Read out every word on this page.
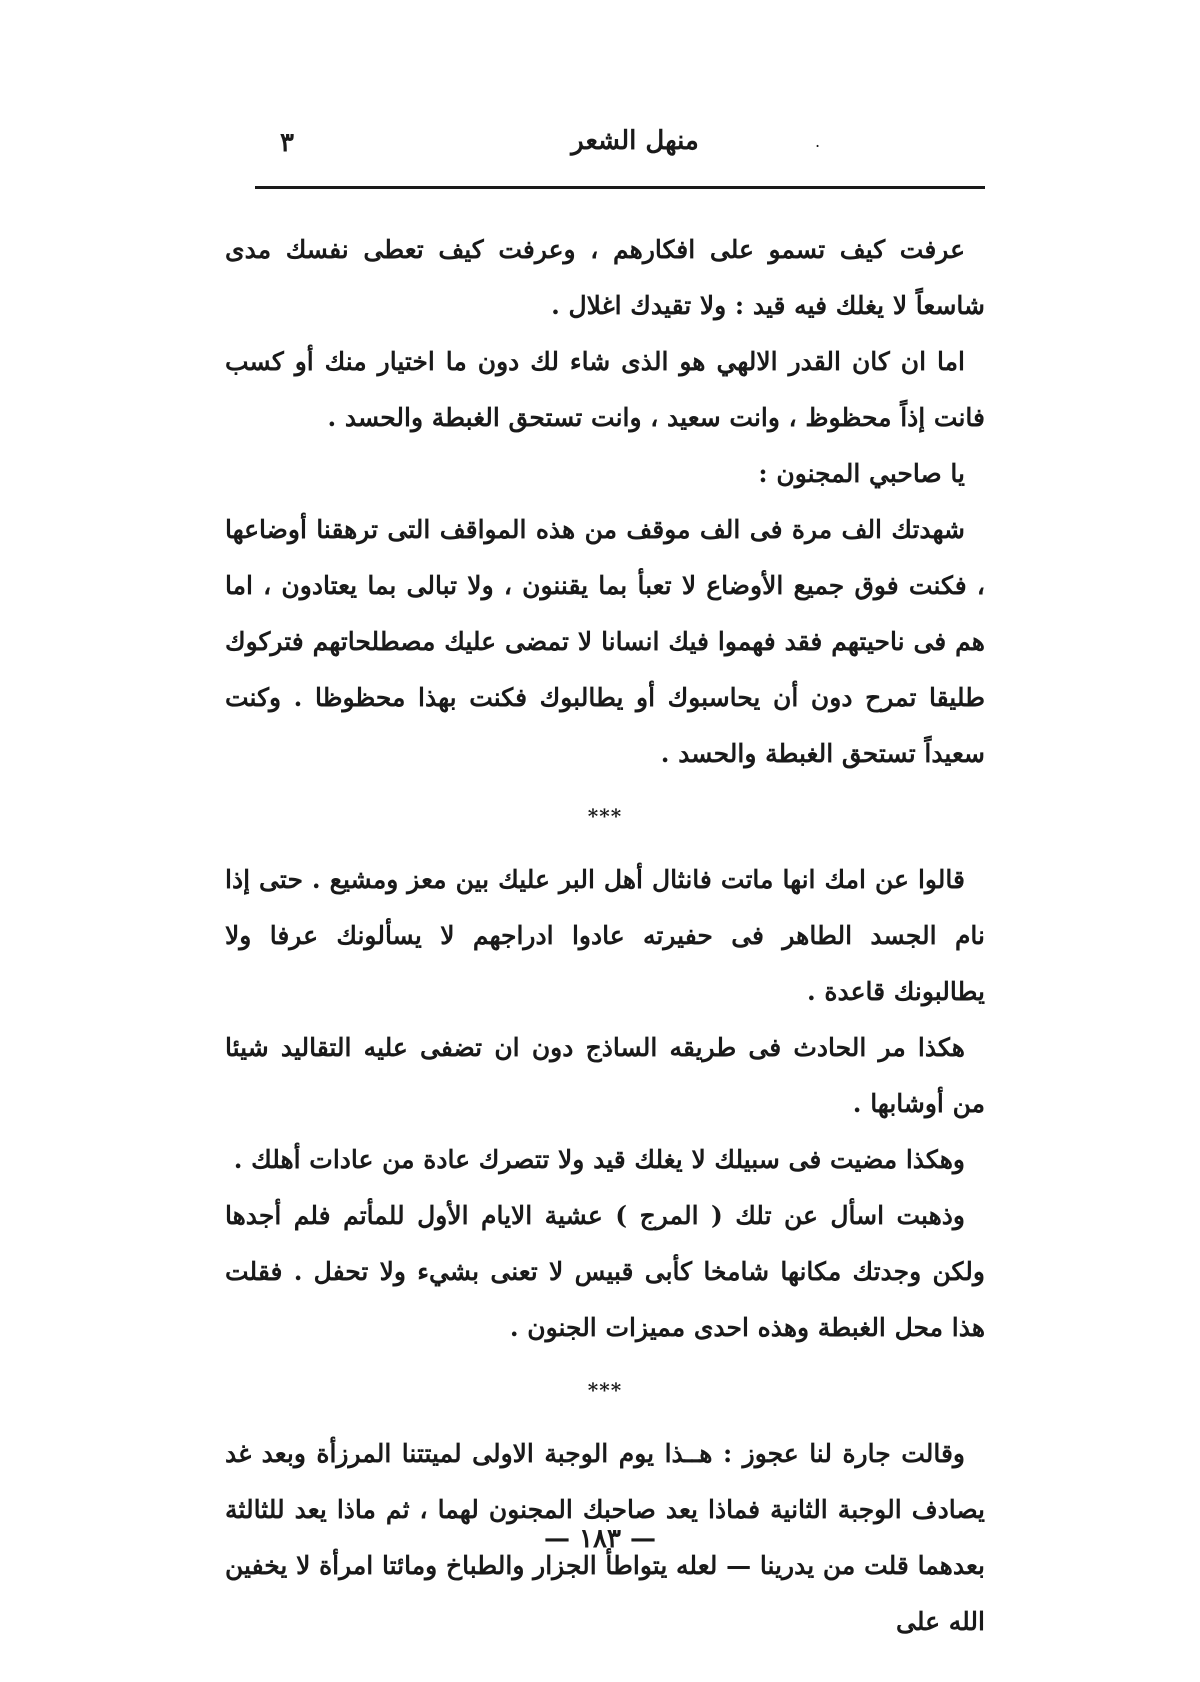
٣	منهل الشعر	.

عرفت كيف تسمو على افكارهم ، وعرفت كيف تعطى نفسك مدى شاسعاً لا يغلك فيه قيد : ولا تقيدك اغلال .

اما ان كان القدر الالهي هو الذى شاء لك دون ما اختيار منك أو كسب فانت إذاً محظوظ ، وانت سعيد ، وانت تستحق الغبطة والحسد .

يا صاحبي المجنون :

شهدتك الف مرة فى الف موقف من هذه المواقف التى ترهقنا أوضاعها ، فكنت فوق جميع الأوضاع لا تعبأ بما يقننون ، ولا تبالى بما يعتادون ، اما هم فى ناحيتهم فقد فهموا فيك انسانا لا تمضى عليك مصطلحاتهم فتركوك طليقا تمرح دون أن يحاسبوك أو يطالبوك فكنت بهذا محظوظا . وكنت سعيداً تستحق الغبطة والحسد .

***

قالوا عن امك انها ماتت فانثال أهل البر عليك بين معز ومشيع . حتى إذا نام الجسد الطاهر فى حفيرته عادوا ادراجهم لا يسألونك عرفا ولا يطالبونك قاعدة .

هكذا مر الحادث فى طريقه الساذج دون ان تضفى عليه التقاليد شيئا من أوشابها .

وهكذا مضيت فى سبيلك لا يغلك قيد ولا تتصرك عادة من عادات أهلك .

وذهبت اسأل عن تلك ( المرج ) عشية الايام الأول للمأتم فلم أجدها ولكن وجدتك مكانها شامخا كأبى قبيس لا تعنى بشيء ولا تحفل . فقلت هذا محل الغبطة وهذه احدى مميزات الجنون .

***

وقالت جارة لنا عجوز : هــذا يوم الوجبة الاولى لميتتنا المرزأة وبعد غد يصادف الوجبة الثانية فماذا يعد صاحبك المجنون لهما ، ثم ماذا يعد للثالثة بعدهما قلت من يدرينا — لعله يتواطأ الجزار والطباخ ومائتا امرأة لا يخفين الله على

— ١٨٣ —
